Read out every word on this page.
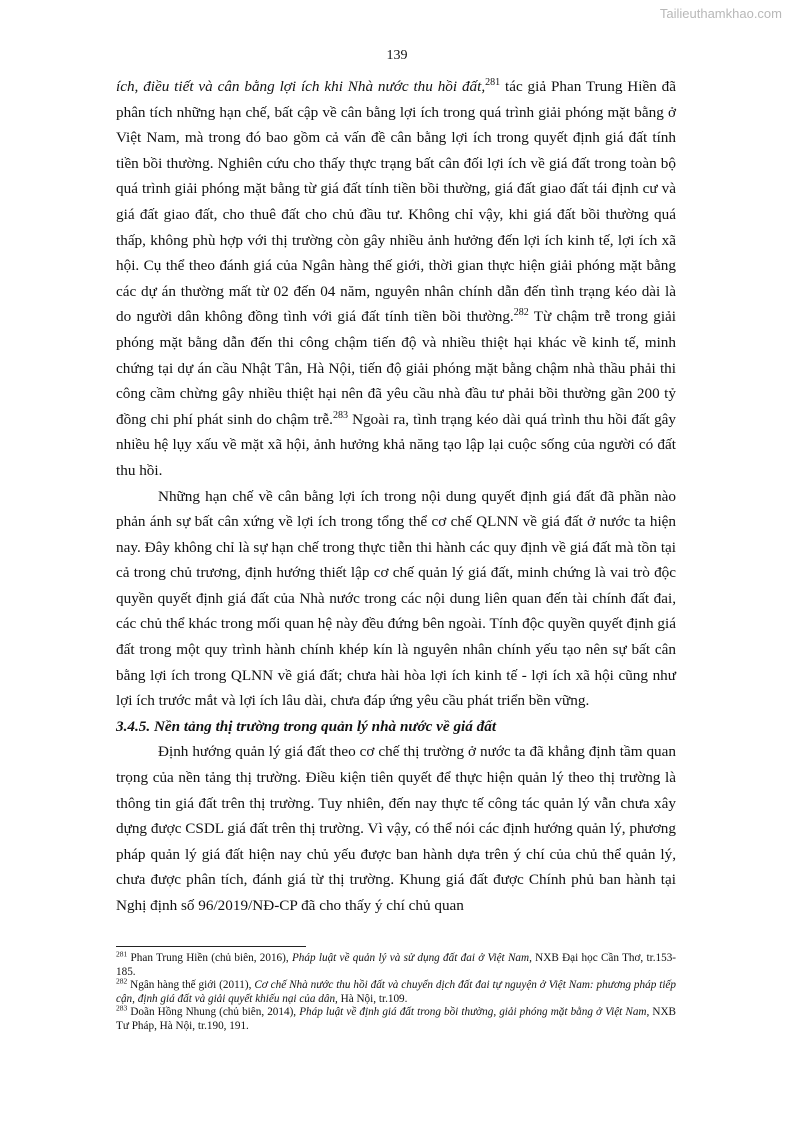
Tailieuthamkhao.com
139

ích, điều tiết và cân bằng lợi ích khi Nhà nước thu hồi đất,$^{281}$ tác giả Phan Trung Hiền đã phân tích những hạn chế, bất cập về cân bằng lợi ích trong quá trình giải phóng mặt bằng ở Việt Nam, mà trong đó bao gồm cả vấn đề cân bằng lợi ích trong quyết định giá đất tính tiền bồi thường. Nghiên cứu cho thấy thực trạng bất cân đối lợi ích về giá đất trong toàn bộ quá trình giải phóng mặt bằng từ giá đất tính tiền bồi thường, giá đất giao đất tái định cư và giá đất giao đất, cho thuê đất cho chủ đầu tư. Không chỉ vậy, khi giá đất bồi thường quá thấp, không phù hợp với thị trường còn gây nhiều ảnh hưởng đến lợi ích kinh tế, lợi ích xã hội. Cụ thể theo đánh giá của Ngân hàng thế giới, thời gian thực hiện giải phóng mặt bằng các dự án thường mất từ 02 đến 04 năm, nguyên nhân chính dẫn đến tình trạng kéo dài là do người dân không đồng tình với giá đất tính tiền bồi thường.$^{282}$ Từ chậm trễ trong giải phóng mặt bằng dẫn đến thi công chậm tiến độ và nhiều thiệt hại khác về kinh tế, minh chứng tại dự án cầu Nhật Tân, Hà Nội, tiến độ giải phóng mặt bằng chậm nhà thầu phải thi công cầm chừng gây nhiều thiệt hại nên đã yêu cầu nhà đầu tư phải bồi thường gần 200 tỷ đồng chi phí phát sinh do chậm trễ.$^{283}$ Ngoài ra, tình trạng kéo dài quá trình thu hồi đất gây nhiều hệ lụy xấu về mặt xã hội, ảnh hưởng khả năng tạo lập lại cuộc sống của người có đất thu hồi.

Những hạn chế về cân bằng lợi ích trong nội dung quyết định giá đất đã phần nào phản ánh sự bất cân xứng về lợi ích trong tổng thể cơ chế QLNN về giá đất ở nước ta hiện nay. Đây không chỉ là sự hạn chế trong thực tiễn thi hành các quy định về giá đất mà tồn tại cả trong chủ trương, định hướng thiết lập cơ chế quản lý giá đất, minh chứng là vai trò độc quyền quyết định giá đất của Nhà nước trong các nội dung liên quan đến tài chính đất đai, các chủ thể khác trong mối quan hệ này đều đứng bên ngoài. Tính độc quyền quyết định giá đất trong một quy trình hành chính khép kín là nguyên nhân chính yếu tạo nên sự bất cân bằng lợi ích trong QLNN về giá đất; chưa hài hòa lợi ích kinh tế - lợi ích xã hội cũng như lợi ích trước mắt và lợi ích lâu dài, chưa đáp ứng yêu cầu phát triển bền vững.

3.4.5. Nền tảng thị trường trong quản lý nhà nước về giá đất

Định hướng quản lý giá đất theo cơ chế thị trường ở nước ta đã khẳng định tầm quan trọng của nền tảng thị trường. Điều kiện tiên quyết để thực hiện quản lý theo thị trường là thông tin giá đất trên thị trường. Tuy nhiên, đến nay thực tế công tác quản lý vẫn chưa xây dựng được CSDL giá đất trên thị trường. Vì vậy, có thể nói các định hướng quản lý, phương pháp quản lý giá đất hiện nay chủ yếu được ban hành dựa trên ý chí của chủ thể quản lý, chưa được phân tích, đánh giá từ thị trường. Khung giá đất được Chính phủ ban hành tại Nghị định số 96/2019/NĐ-CP đã cho thấy ý chí chủ quan

$^{281}$ Phan Trung Hiền (chủ biên, 2016), Pháp luật về quản lý và sử dụng đất đai ở Việt Nam, NXB Đại học Cần Thơ, tr.153-185.

$^{282}$ Ngân hàng thế giới (2011), Cơ chế Nhà nước thu hồi đất và chuyển dịch đất đai tự nguyện ở Việt Nam: phương pháp tiếp cận, định giá đất và giải quyết khiếu nại của dân, Hà Nội, tr.109.

$^{283}$ Doãn Hồng Nhung (chủ biên, 2014), Pháp luật về định giá đất trong bồi thường, giải phóng mặt bằng ở Việt Nam, NXB Tư Pháp, Hà Nội, tr.190, 191.
